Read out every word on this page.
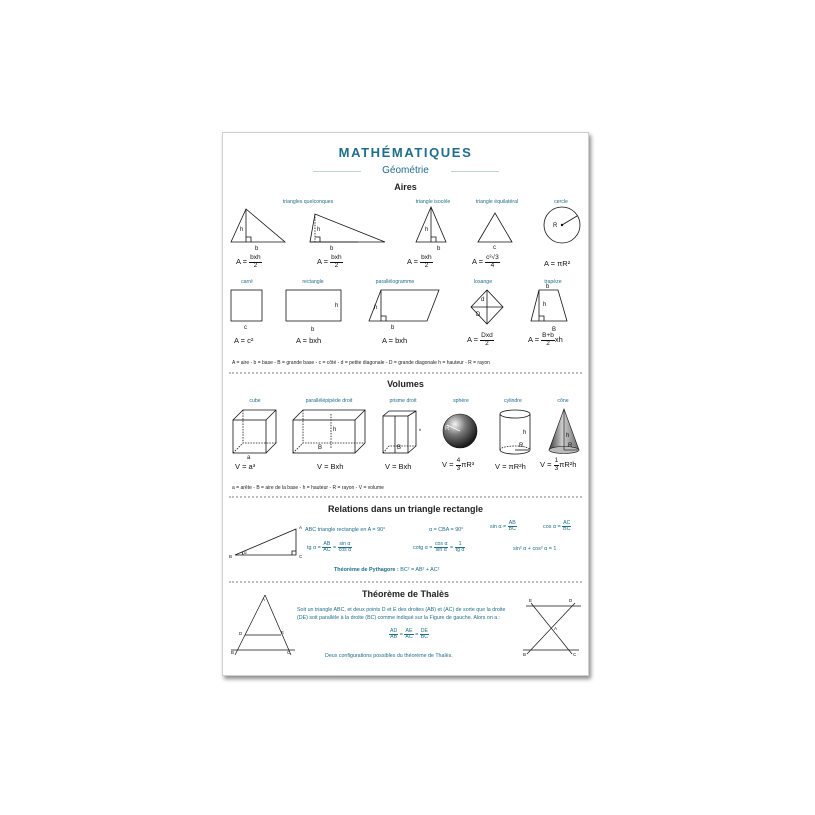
MATHÉMATIQUES
Géométrie
Aires
triangles quelconques	triangle isocèle	triangle équilatéral	cercle
h
b
h
b
h
b	c
R
$A = \frac{\text{bxh}}{2}$	$A = \frac{\text{bxh}}{2}$	$A = \frac{\text{bxh}}{2}$	$A = \frac{\text{c²√3}}{4}$	A = πR²
carré	rectangle	parallélogramme	losange	trapèze
c
h
b
h
b
d
D
b
h
B
A = c²	A = bxh	A = bxh	$A = \frac{\text{Dxd}}{2}$	$A = \frac{B+b}{2}$ xh
A = aire - b = base - B = grande base - c = côté - d = petite diagonale - D = grande diagonale h = hauteur - R = rayon
Volumes
cube	parallélépipède droit	prisme droit	sphère	cylindre	cône
a
h
B
h
B
R
h
R
h
R
V = a³	V = Bxh	V = Bxh	$V = \frac{4}{3} \pi R^3$	V = πR²h $V = \frac{1}{3} \pi R^2h$
a = arête - B = aire de la base - h = hauteur - R = rayon - V = volume
Relations dans un triangle rectangle
A
B	C
α
ABC triangle rectangle en A = 90°	α = CBA = 90°	$\sin \alpha = \frac{AB}{BC}$	$\cos \alpha = \frac{AC}{BC}$
tg $\alpha = \frac{AB}{AC} = \frac{\text{sin α}}{\text{cos α}}$	cotg $\alpha = \frac{\text{cos α}}{\text{sin α}} = \frac{1}{\text{tg α}}$	sin² α + cos² α = 1
Théorème de Pythagore : BC² = AB² + AC²
Théorème de Thalès
A
D	E
B	C
E	D
A
B	C
Soit un triangle ABC, et deux points D et E des droites (AB) et (AC) de sorte que la droite (DE) soit parallèle à la droite (BC) comme indiqué sur la Figure de gauche. Alors on a :
$\frac{AD}{AB} = \frac{AE}{AC} = \frac{DE}{BC}$
Deux configurations possibles du théorème de Thalès.
